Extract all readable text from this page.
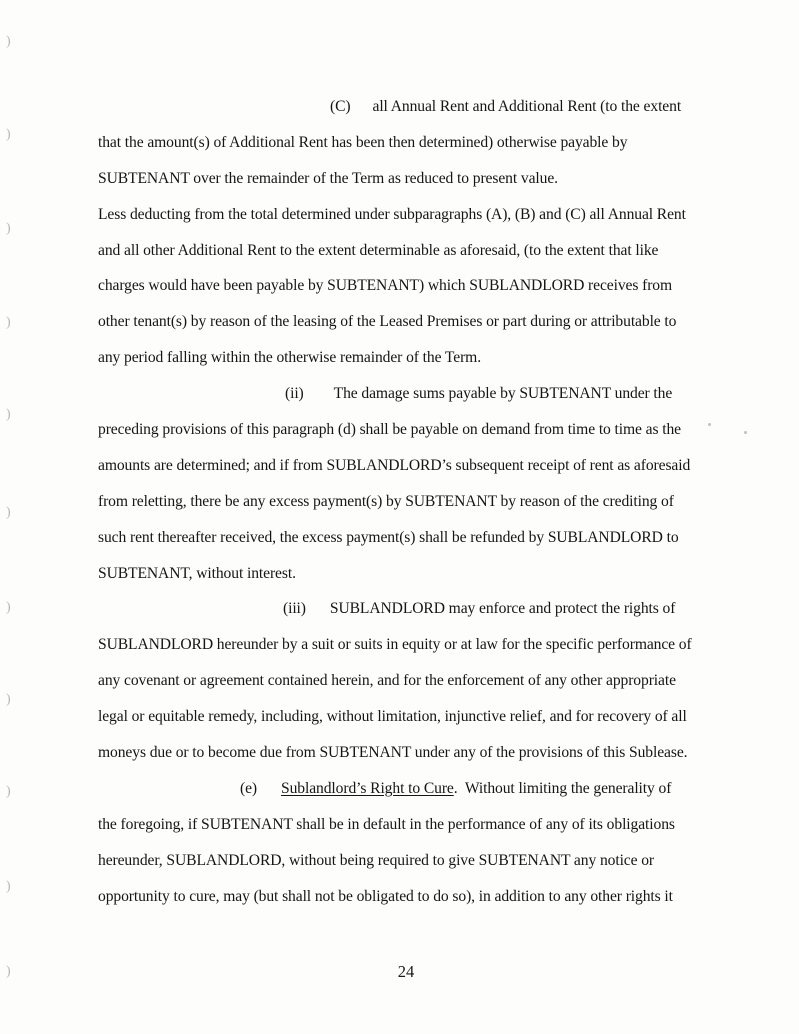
)
)
)
)
)
)
)
)
)
)
)
(C) all Annual Rent and Additional Rent (to the extent
that the amount(s) of Additional Rent has been then determined) otherwise payable by
SUBTENANT over the remainder of the Term as reduced to present value.
Less deducting from the total determined under subparagraphs (A), (B) and (C) all Annual Rent
and all other Additional Rent to the extent determinable as aforesaid, (to the extent that like
charges would have been payable by SUBTENANT) which SUBLANDLORD receives from
other tenant(s) by reason of the leasing of the Leased Premises or part during or attributable to
any period falling within the otherwise remainder of the Term.
(ii) The damage sums payable by SUBTENANT under the
preceding provisions of this paragraph (d) shall be payable on demand from time to time as the
amounts are determined; and if from SUBLANDLORD’s subsequent receipt of rent as aforesaid
from reletting, there be any excess payment(s) by SUBTENANT by reason of the crediting of
such rent thereafter received, the excess payment(s) shall be refunded by SUBLANDLORD to
SUBTENANT, without interest.
(iii) SUBLANDLORD may enforce and protect the rights of
SUBLANDLORD hereunder by a suit or suits in equity or at law for the specific performance of
any covenant or agreement contained herein, and for the enforcement of any other appropriate
legal or equitable remedy, including, without limitation, injunctive relief, and for recovery of all
moneys due or to become due from SUBTENANT under any of the provisions of this Sublease.
(e) Sublandlord’s Right to Cure.  Without limiting the generality of
the foregoing, if SUBTENANT shall be in default in the performance of any of its obligations
hereunder, SUBLANDLORD, without being required to give SUBTENANT any notice or
opportunity to cure, may (but shall not be obligated to do so), in addition to any other rights it
24
